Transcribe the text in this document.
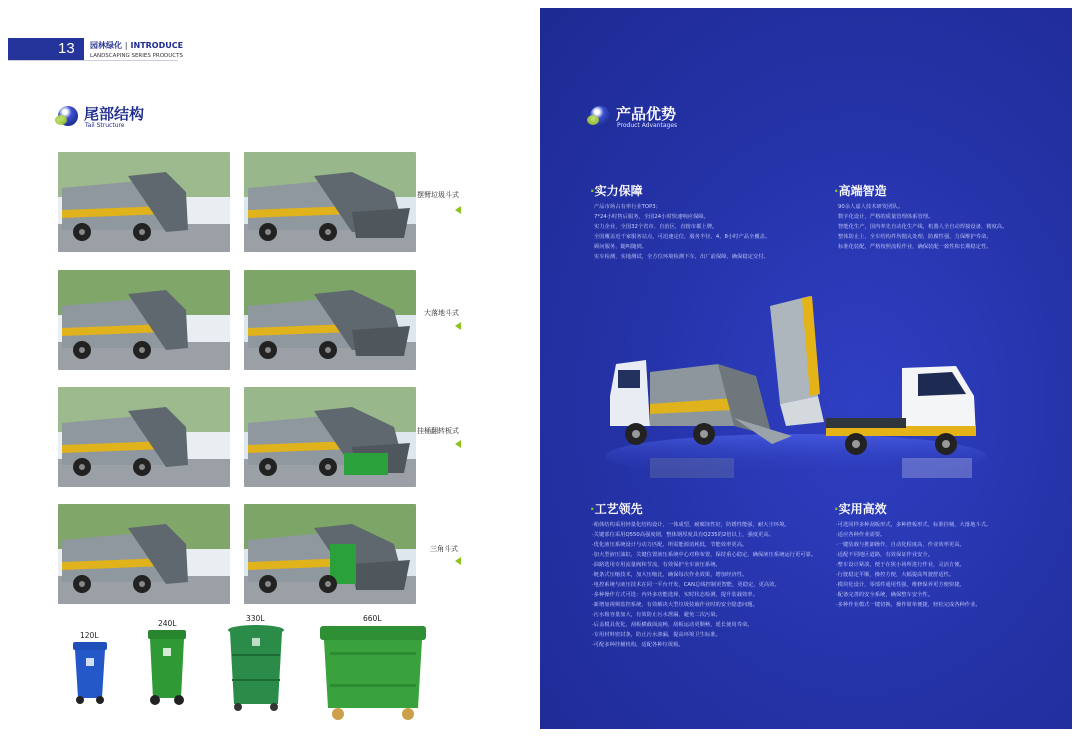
13 园林绿化 | INTRODUCE
LANDSCAPING SERIES PRODUCTS
尾部结构
Tail Structure
摆臂垃圾斗式
大落地斗式
挂桶翻转板式
三角斗式
120L
240L
330L	660L
产品优势
Product Advantages
·实力保障
产品市场占有率行业TOP3；
7*24小时售后服务，全国24小时快速响应保障。
实力企业，全国32个省市、自治区，直辖市都上牌。
全国覆盖近千家服务站点，可迅速定位，服务半径、4、8小时产品全覆盖。
顾问服务，随叫随到。
实车检测，实地测试，全方位环境检测下车，出厂前保障，确保稳定交付。
·高端智造
90余人嘉人技术研发团队。
数字化设计，严格的质量管理体系管理。
智能化生产，国内率先自动化生产线，机器人全自动焊接设备，精度高。
整体防止上，全车结构件均抛丸处理，防腐性强，力保维护寿命。
标准化装配，严格按照流程作业，确保装配一致性和长期稳定性。
·工艺领先
·箱体结构采用轻量化结构设计，一体成型，耐腐蚀性好，防锈性能强，耐大尘环境。
·关键部位采用Q550高强度钢，整体钢厚度具有Q235的2倍以上，强度更高。
·优化液压系统设计与动力匹配，所需能源消耗低，节能效率更高。
·加大型液压油缸，关键位置液压系统中心对称布置，保持重心稳定，确保液压系统运行更可靠。
·油路选用专用流量阀和节流，有效保护全车液压系统。
·链条式压缩技术，加大压缩比，确保每次作业效果，增加经济性。
·电控系统与液压技术在同一平台开发，CAN总线控制更智能，更稳定，更高效。
·多种操作方式可选：内外多功能选择，实时状态检测，提升装载效率。
·新增加视频监控系统，有效解决大型垃圾装载作业时的安全隐患问题。
·污水箱容量加大，有效防止污水泄漏，避免二次污染。
·后盖模具优化，刮板横截面流畅，刮板运动更顺畅，延长使用寿命。
·专用材料密封条，防止污水渗漏，提高环境卫生标准。
·可配多种挂桶机构，适配各种垃圾箱。
·实用高效
·可选同样多种刮板形式，多种推板形式，标准挂桶，大落地斗式。
·适应各种作业需要。
·一键装载与推卸操作，自动化程度高，作业效率更高。
·适配不同地区道路，有效保证作业安全。
·整车设计紧凑，便于在狭小场所进行作业，灵活方便。
·行驶稳定平顺，操控方便，大幅提高驾驶舒适性。
·模块化设计，零部件通用性强，维修保养更方便快捷。
·配备完善的安全系统，确保整车安全性。
·多种作业模式一键切换，操作简单便捷，轻松完成各种作业。
